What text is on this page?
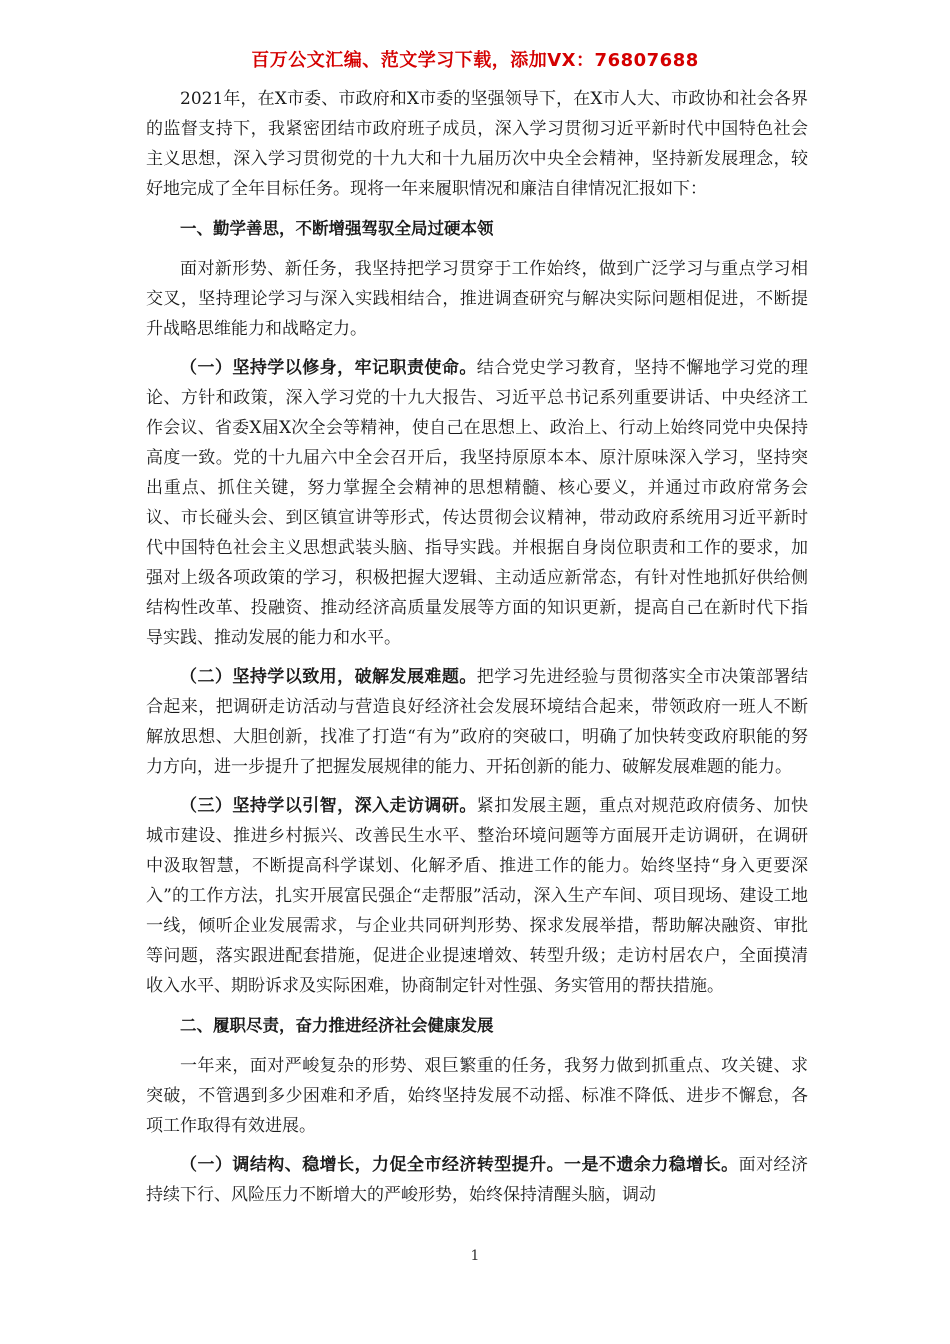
百万公文汇编、范文学习下载，添加VX：76807688

2021年，在X市委、市政府和X市委的坚强领导下，在X市人大、市政协和社会各界的监督支持下，我紧密团结市政府班子成员，深入学习贯彻习近平新时代中国特色社会主义思想，深入学习贯彻党的十九大和十九届历次中央全会精神，坚持新发展理念，较好地完成了全年目标任务。现将一年来履职情况和廉洁自律情况汇报如下：

一、勤学善思，不断增强驾驭全局过硬本领

面对新形势、新任务，我坚持把学习贯穿于工作始终，做到广泛学习与重点学习相交叉，坚持理论学习与深入实践相结合，推进调查研究与解决实际问题相促进，不断提升战略思维能力和战略定力。

（一）坚持学以修身，牢记职责使命。结合党史学习教育，坚持不懈地学习党的理论、方针和政策，深入学习党的十九大报告、习近平总书记系列重要讲话、中央经济工作会议、省委X届X次全会等精神，使自己在思想上、政治上、行动上始终同党中央保持高度一致。党的十九届六中全会召开后，我坚持原原本本、原汁原味深入学习，坚持突出重点、抓住关键，努力掌握全会精神的思想精髓、核心要义，并通过市政府常务会议、市长碰头会、到区镇宣讲等形式，传达贯彻会议精神，带动政府系统用习近平新时代中国特色社会主义思想武装头脑、指导实践。并根据自身岗位职责和工作的要求，加强对上级各项政策的学习，积极把握大逻辑、主动适应新常态，有针对性地抓好供给侧结构性改革、投融资、推动经济高质量发展等方面的知识更新，提高自己在新时代下指导实践、推动发展的能力和水平。

（二）坚持学以致用，破解发展难题。把学习先进经验与贯彻落实全市决策部署结合起来，把调研走访活动与营造良好经济社会发展环境结合起来，带领政府一班人不断解放思想、大胆创新，找准了打造“有为”政府的突破口，明确了加快转变政府职能的努力方向，进一步提升了把握发展规律的能力、开拓创新的能力、破解发展难题的能力。

（三）坚持学以引智，深入走访调研。紧扣发展主题，重点对规范政府债务、加快城市建设、推进乡村振兴、改善民生水平、整治环境问题等方面展开走访调研，在调研中汲取智慧，不断提高科学谋划、化解矛盾、推进工作的能力。始终坚持“身入更要深入”的工作方法，扎实开展富民强企“走帮服”活动，深入生产车间、项目现场、建设工地一线，倾听企业发展需求，与企业共同研判形势、探求发展举措，帮助解决融资、审批等问题，落实跟进配套措施，促进企业提速增效、转型升级；走访村居农户，全面摸清收入水平、期盼诉求及实际困难，协商制定针对性强、务实管用的帮扶措施。

二、履职尽责，奋力推进经济社会健康发展

一年来，面对严峻复杂的形势、艰巨繁重的任务，我努力做到抓重点、攻关键、求突破，不管遇到多少困难和矛盾，始终坚持发展不动摇、标准不降低、进步不懈怠，各项工作取得有效进展。

（一）调结构、稳增长，力促全市经济转型提升。一是不遗余力稳增长。面对经济持续下行、风险压力不断增大的严峻形势，始终保持清醒头脑，调动

1
